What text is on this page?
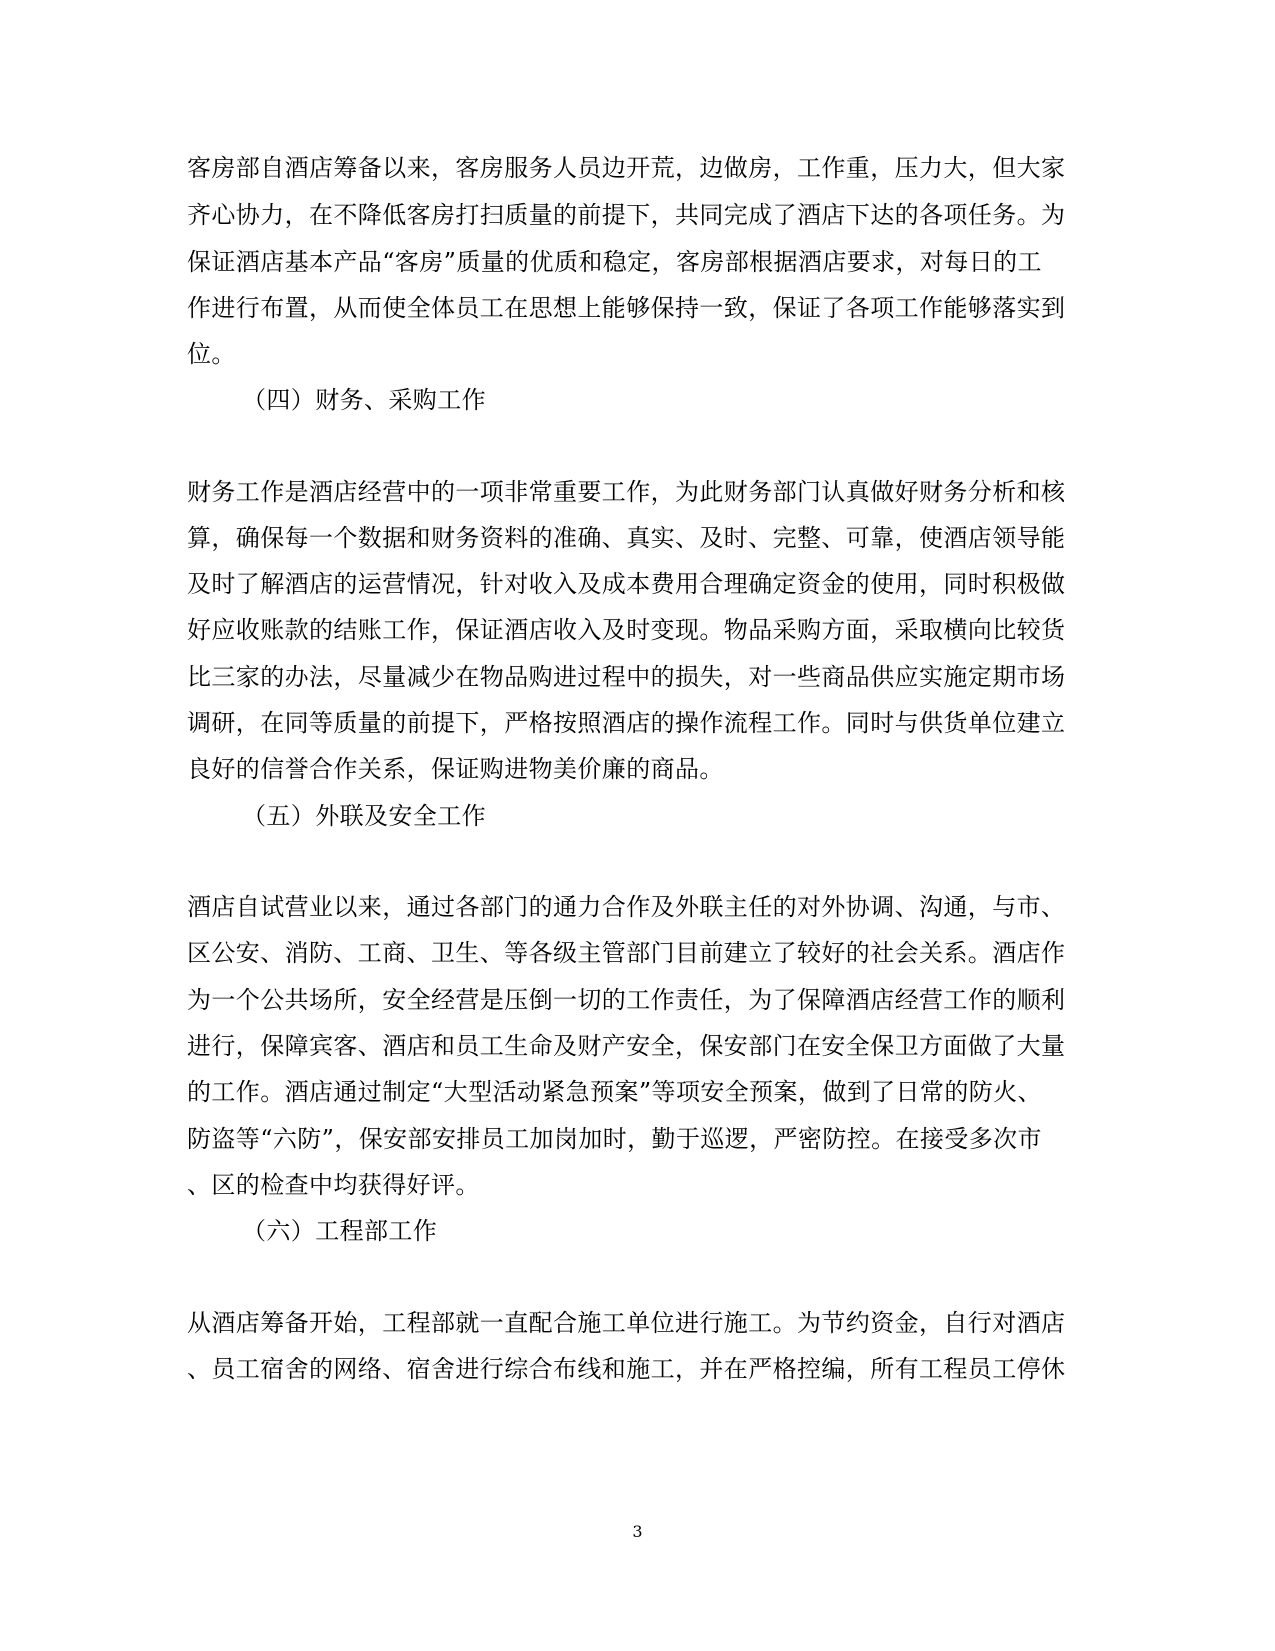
客房部自酒店筹备以来，客房服务人员边开荒，边做房，工作重，压力大，但大家
齐心协力，在不降低客房打扫质量的前提下，共同完成了酒店下达的各项任务。为
保证酒店基本产品“客房”质量的优质和稳定，客房部根据酒店要求，对每日的工
作进行布置，从而使全体员工在思想上能够保持一致，保证了各项工作能够落实到
位。
（四）财务、采购工作
财务工作是酒店经营中的一项非常重要工作，为此财务部门认真做好财务分析和核
算，确保每一个数据和财务资料的准确、真实、及时、完整、可靠，使酒店领导能
及时了解酒店的运营情况，针对收入及成本费用合理确定资金的使用，同时积极做
好应收账款的结账工作，保证酒店收入及时变现。物品采购方面，采取横向比较货
比三家的办法，尽量减少在物品购进过程中的损失，对一些商品供应实施定期市场
调研，在同等质量的前提下，严格按照酒店的操作流程工作。同时与供货单位建立
良好的信誉合作关系，保证购进物美价廉的商品。
（五）外联及安全工作
酒店自试营业以来，通过各部门的通力合作及外联主任的对外协调、沟通，与市、
区公安、消防、工商、卫生、等各级主管部门目前建立了较好的社会关系。酒店作
为一个公共场所，安全经营是压倒一切的工作责任，为了保障酒店经营工作的顺利
进行，保障宾客、酒店和员工生命及财产安全，保安部门在安全保卫方面做了大量
的工作。酒店通过制定“大型活动紧急预案”等项安全预案，做到了日常的防火、
防盗等“六防”，保安部安排员工加岗加时，勤于巡逻，严密防控。在接受多次市
、区的检查中均获得好评。
（六）工程部工作
从酒店筹备开始，工程部就一直配合施工单位进行施工。为节约资金，自行对酒店
、员工宿舍的网络、宿舍进行综合布线和施工，并在严格控编，所有工程员工停休
3
